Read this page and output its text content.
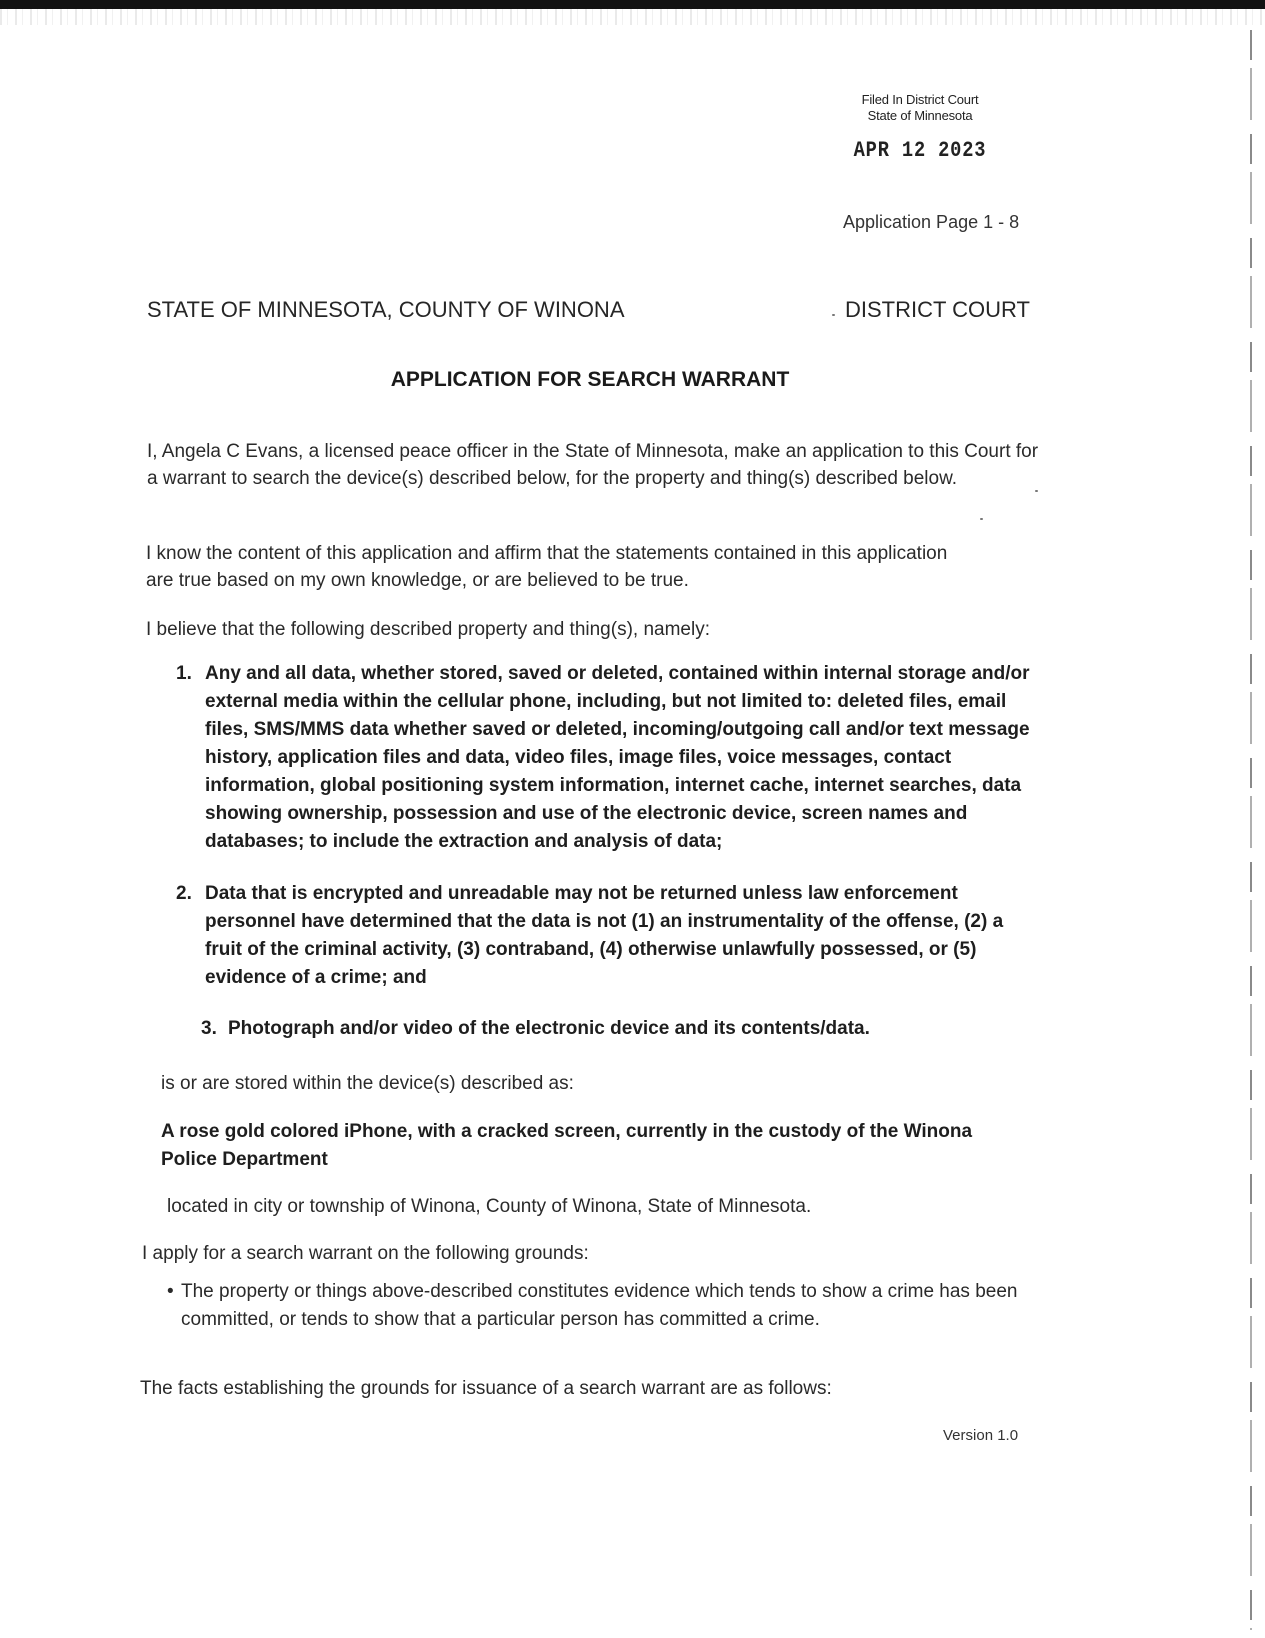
Filed In District Court
State of Minnesota
APR 12 2023
Application Page 1 - 8
STATE OF MINNESOTA, COUNTY OF WINONA	DISTRICT COURT
APPLICATION FOR SEARCH WARRANT
I, Angela C Evans, a licensed peace officer in the State of Minnesota, make an application to this Court for a warrant to search the device(s) described below, for the property and thing(s) described below.
I know the content of this application and affirm that the statements contained in this application are true based on my own knowledge, or are believed to be true.
I believe that the following described property and thing(s), namely:
1. Any and all data, whether stored, saved or deleted, contained within internal storage and/or external media within the cellular phone, including, but not limited to: deleted files, email files, SMS/MMS data whether saved or deleted, incoming/outgoing call and/or text message history, application files and data, video files, image files, voice messages, contact information, global positioning system information, internet cache, internet searches, data showing ownership, possession and use of the electronic device, screen names and databases; to include the extraction and analysis of data;
2. Data that is encrypted and unreadable may not be returned unless law enforcement personnel have determined that the data is not (1) an instrumentality of the offense, (2) a fruit of the criminal activity, (3) contraband, (4) otherwise unlawfully possessed, or (5) evidence of a crime; and
3. Photograph and/or video of the electronic device and its contents/data.
is or are stored within the device(s) described as:
A rose gold colored iPhone, with a cracked screen, currently in the custody of the Winona Police Department
located in city or township of Winona, County of Winona, State of Minnesota.
I apply for a search warrant on the following grounds:
• The property or things above-described constitutes evidence which tends to show a crime has been committed, or tends to show that a particular person has committed a crime.
The facts establishing the grounds for issuance of a search warrant are as follows:
Version 1.0
